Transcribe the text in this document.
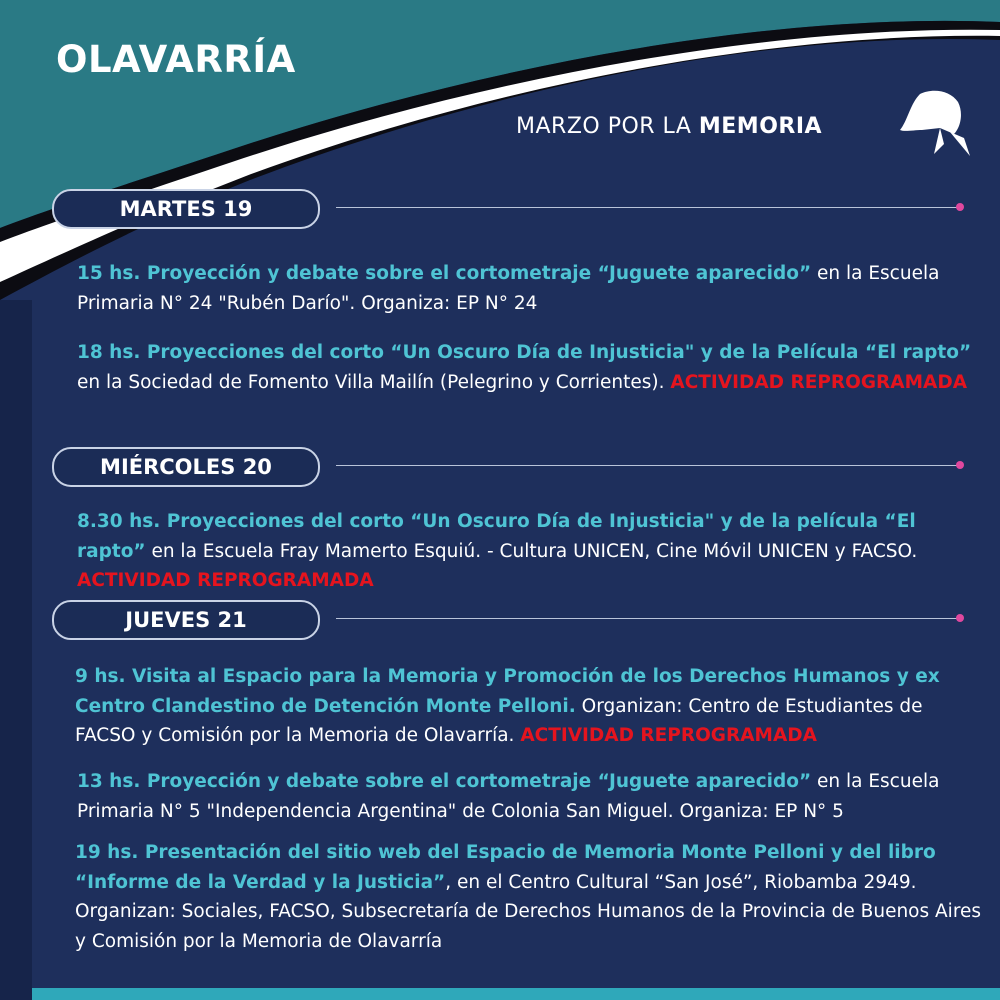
OLAVARRÍA
MARZO POR LA MEMORIA
MARTES 19

15 hs. Proyección y debate sobre el cortometraje “Juguete aparecido” en la Escuela Primaria N° 24 "Rubén Darío". Organiza: EP N° 24

18 hs. Proyecciones del corto “Un Oscuro Día de Injusticia" y de la Película “El rapto” en la Sociedad de Fomento Villa Mailín (Pelegrino y Corrientes). ACTIVIDAD REPROGRAMADA

MIÉRCOLES 20

8.30 hs. Proyecciones del corto “Un Oscuro Día de Injusticia" y de la película “El rapto” en la Escuela Fray Mamerto Esquiú. - Cultura UNICEN, Cine Móvil UNICEN y FACSO. ACTIVIDAD REPROGRAMADA

JUEVES 21

9 hs. Visita al Espacio para la Memoria y Promoción de los Derechos Humanos y ex Centro Clandestino de Detención Monte Pelloni. Organizan: Centro de Estudiantes de FACSO y Comisión por la Memoria de Olavarría. ACTIVIDAD REPROGRAMADA

13 hs. Proyección y debate sobre el cortometraje “Juguete aparecido” en la Escuela Primaria N° 5 "Independencia Argentina" de Colonia San Miguel. Organiza: EP N° 5

19 hs. Presentación del sitio web del Espacio de Memoria Monte Pelloni y del libro “Informe de la Verdad y la Justicia”, en el Centro Cultural “San José”, Riobamba 2949. Organizan: Sociales, FACSO, Subsecretaría de Derechos Humanos de la Provincia de Buenos Aires y Comisión por la Memoria de Olavarría
